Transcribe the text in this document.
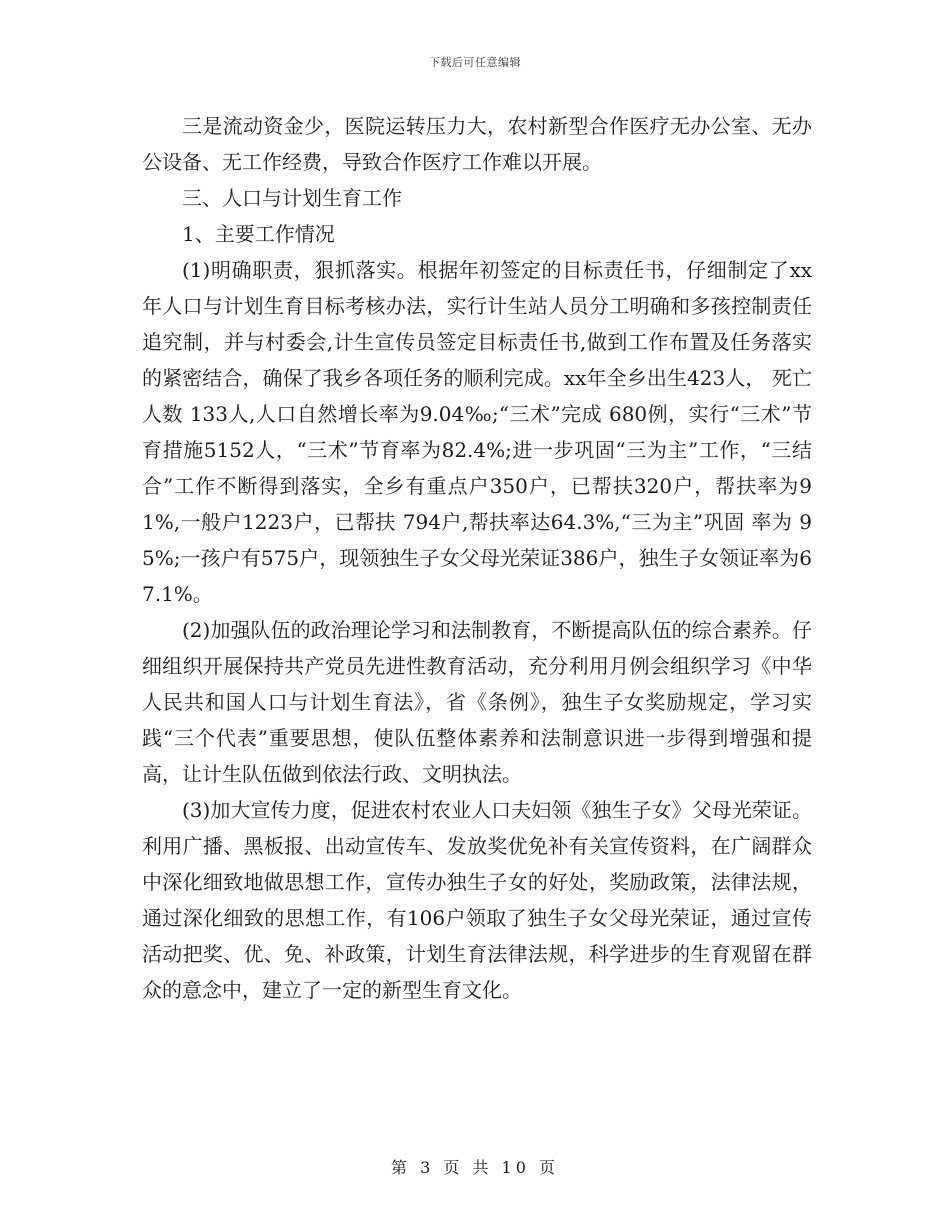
下载后可任意编辑

三是流动资金少，医院运转压力大，农村新型合作医疗无办公室、无办公设备、无工作经费，导致合作医疗工作难以开展。

三、人口与计划生育工作

1、主要工作情况

(1)明确职责，狠抓落实。根据年初签定的目标责任书，仔细制定了xx年人口与计划生育目标考核办法，实行计生站人员分工明确和多孩控制责任追究制，并与村委会,计生宣传员签定目标责任书,做到工作布置及任务落实的紧密结合，确保了我乡各项任务的顺利完成。xx年全乡出生423人， 死亡人数 133人,人口自然增长率为9.04‰;“三术”完成 680例，实行“三术”节育措施5152人，“三术”节育率为82.4%;进一步巩固“三为主”工作，“三结合”工作不断得到落实，全乡有重点户350户，已帮扶320户，帮扶率为91%,一般户1223户，已帮扶 794户,帮扶率达64.3%,“三为主”巩固 率为 95%;一孩户有575户，现领独生子女父母光荣证386户，独生子女领证率为67.1%。

(2)加强队伍的政治理论学习和法制教育，不断提高队伍的综合素养。仔细组织开展保持共产党员先进性教育活动，充分利用月例会组织学习《中华人民共和国人口与计划生育法》，省《条例》，独生子女奖励规定，学习实践“三个代表”重要思想，使队伍整体素养和法制意识进一步得到增强和提高，让计生队伍做到依法行政、文明执法。

(3)加大宣传力度，促进农村农业人口夫妇领《独生子女》父母光荣证。利用广播、黑板报、出动宣传车、发放奖优免补有关宣传资料，在广阔群众中深化细致地做思想工作，宣传办独生子女的好处，奖励政策，法律法规，通过深化细致的思想工作，有106户领取了独生子女父母光荣证，通过宣传活动把奖、优、免、补政策，计划生育法律法规，科学进步的生育观留在群众的意念中，建立了一定的新型生育文化。

第 3 页 共 10 页
